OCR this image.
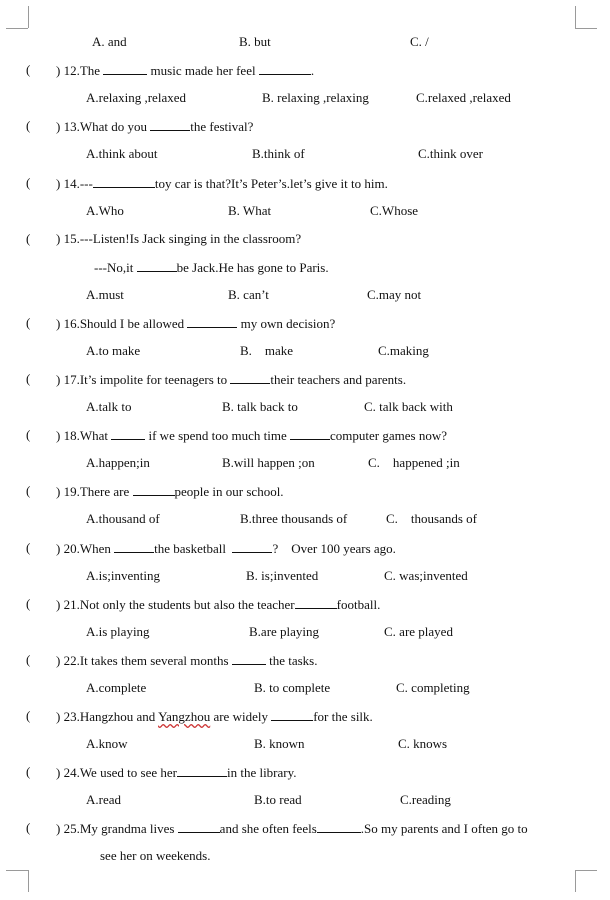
A. and	B. but	C. /
( ) 12.The	music made her feel	.
A.relaxing ,relaxed	B. relaxing ,relaxing	C.relaxed ,relaxed
( ) 13.What do you	the festival?
A.think about	B.think of	C.think over
( ) 14.---	toy car is that?It’s Peter’s.let’s give it to him.
A.Who	B. What	C.Whose
( ) 15.---Listen!Is Jack singing in the classroom?
---No,it	be Jack.He has gone to Paris.
A.must	B. can’t	C.may not
( ) 16.Should I be allowed	my own decision?
A.to make	B.    make	C.making
( ) 17.It’s impolite for teenagers to	their teachers and parents.
A.talk to	B. talk back to	C. talk back with
( ) 18.What	if we spend too much time	computer games now?
A.happen;in	B.will happen ;on	C.    happened ;in
( ) 19.There are	people in our school.
A.thousand of	B.three thousands of	C.    thousands of
( ) 20.When	the basketball	?    Over 100 years ago.
A.is;inventing	B. is;invented	C. was;invented
( ) 21.Not only the students but also the teacher	football.
A.is playing	B.are playing	C. are played
( ) 22.It takes them several months	the tasks.
A.complete	B. to complete	C. completing
( ) 23.Hangzhou and Yangzhou are widely	for the silk.
A.know	B. known	C. knows
( ) 24.We used to see her	in the library.
A.read	B.to read	C.reading
( ) 25.My grandma lives	and she often feels	.So my parents and I often go to
see her on weekends.
